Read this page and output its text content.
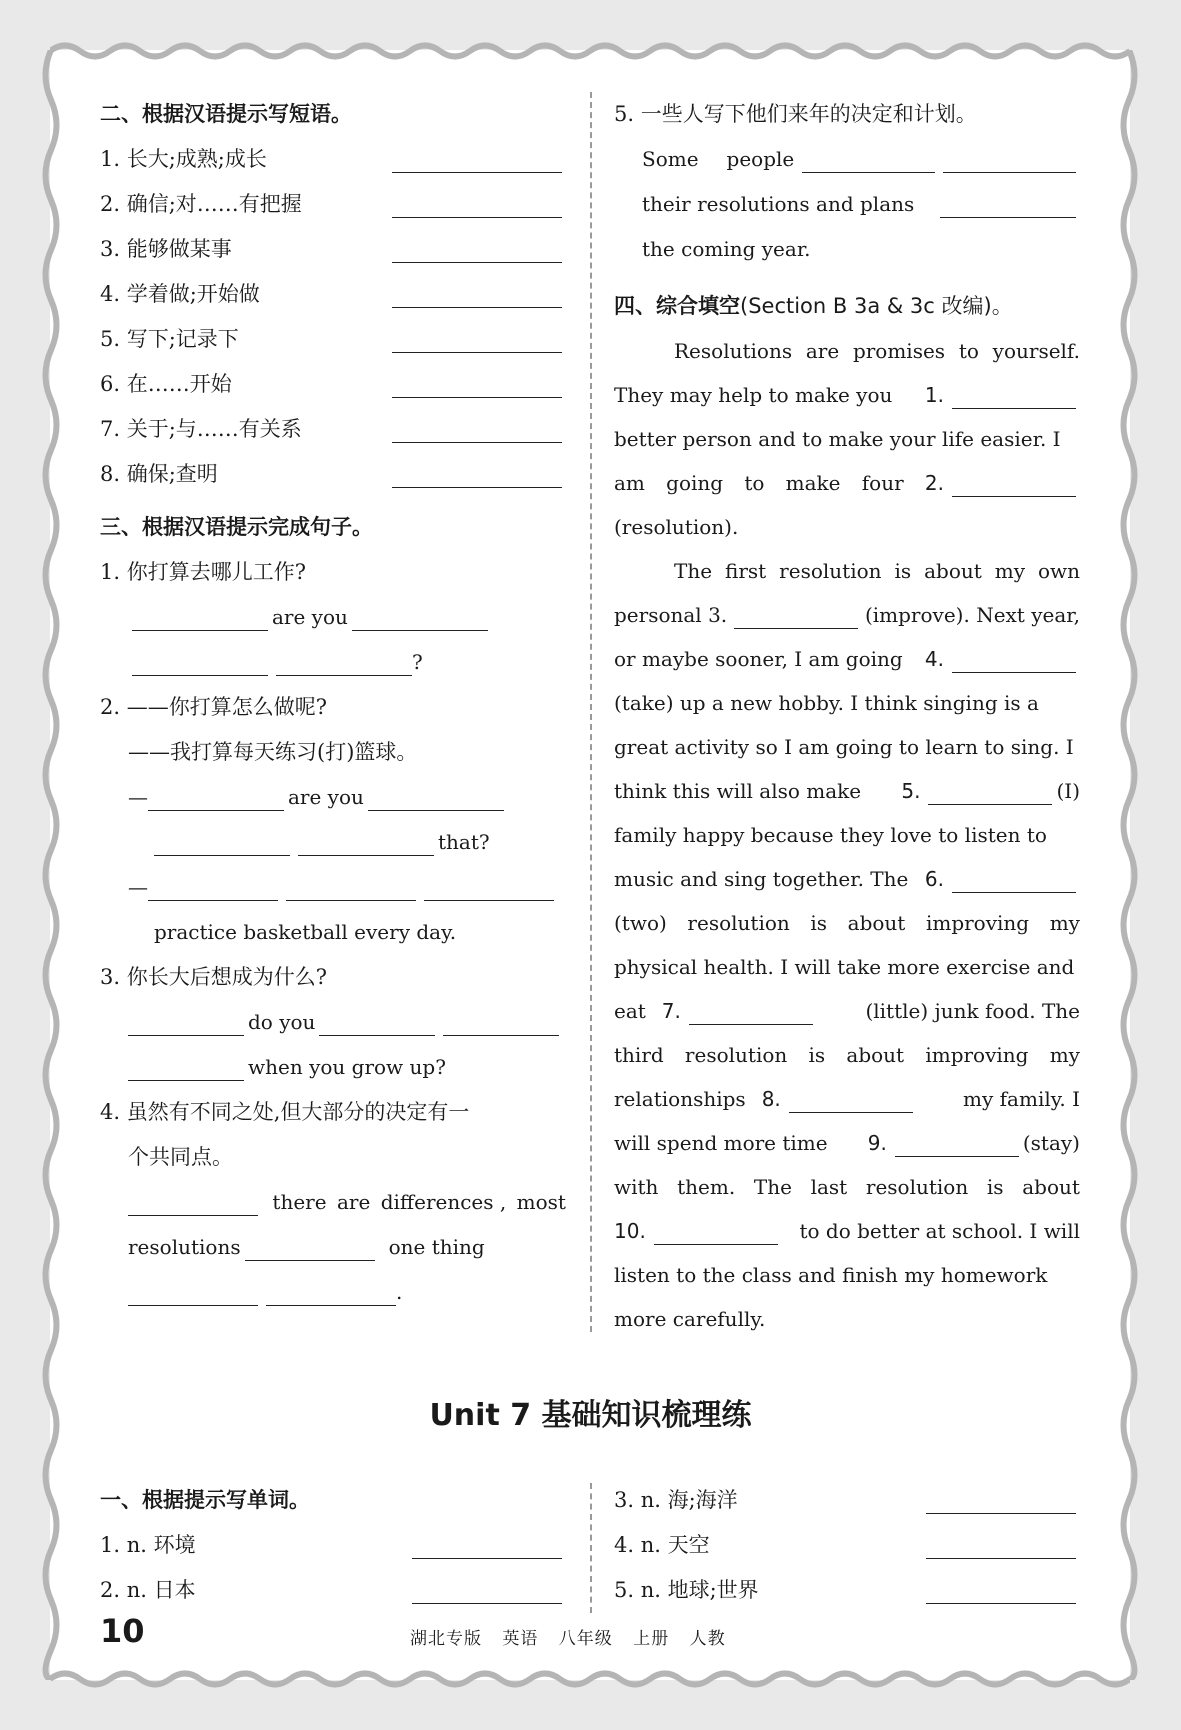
二、根据汉语提示写短语。
1. 长大;成熟;成长
2. 确信;对……有把握
3. 能够做某事
4. 学着做;开始做
5. 写下;记录下
6. 在……开始
7. 关于;与……有关系
8. 确保;查明
三、根据汉语提示完成句子。
1. 你打算去哪儿工作?
are you
?
2. ——你打算怎么做呢?
——我打算每天练习(打)篮球。
—	are you
that?
—
practice basketball every day.
3. 你长大后想成为什么?
do you
when you grow up?
4. 虽然有不同之处,但大部分的决定有一
个共同点。
there are differences , most
resolutions	one thing
.
5. 一些人写下他们来年的决定和计划。
Some people
their resolutions and plans
the coming year.
四、综合填空(Section B 3a & 3c 改编)。
Resolutions are promises to yourself.
They may help to make you 1.
better person and to make your life easier. I
am going to make four 2.
(resolution).
The first resolution is about my own
personal 3.	(improve). Next year,
or maybe sooner, I am going 4.
(take) up a new hobby. I think singing is a
great activity so I am going to learn to sing. I
think this will also make 5.	(I)
family happy because they love to listen to
music and sing together. The 6.
(two) resolution is about improving my
physical health. I will take more exercise and
eat 7.	(little) junk food. The
third resolution is about improving my
relationships 8.	my family. I
will spend more time 9.	(stay)
with them. The last resolution is about
10.	to do better at school. I will
listen to the class and finish my homework
more carefully.
Unit 7 基础知识梳理练
一、根据提示写单词。
1. n. 环境
2. n. 日本
3. n. 海;海洋
4. n. 天空
5. n. 地球;世界
10	湖北专版 英语 八年级 上册 人教
